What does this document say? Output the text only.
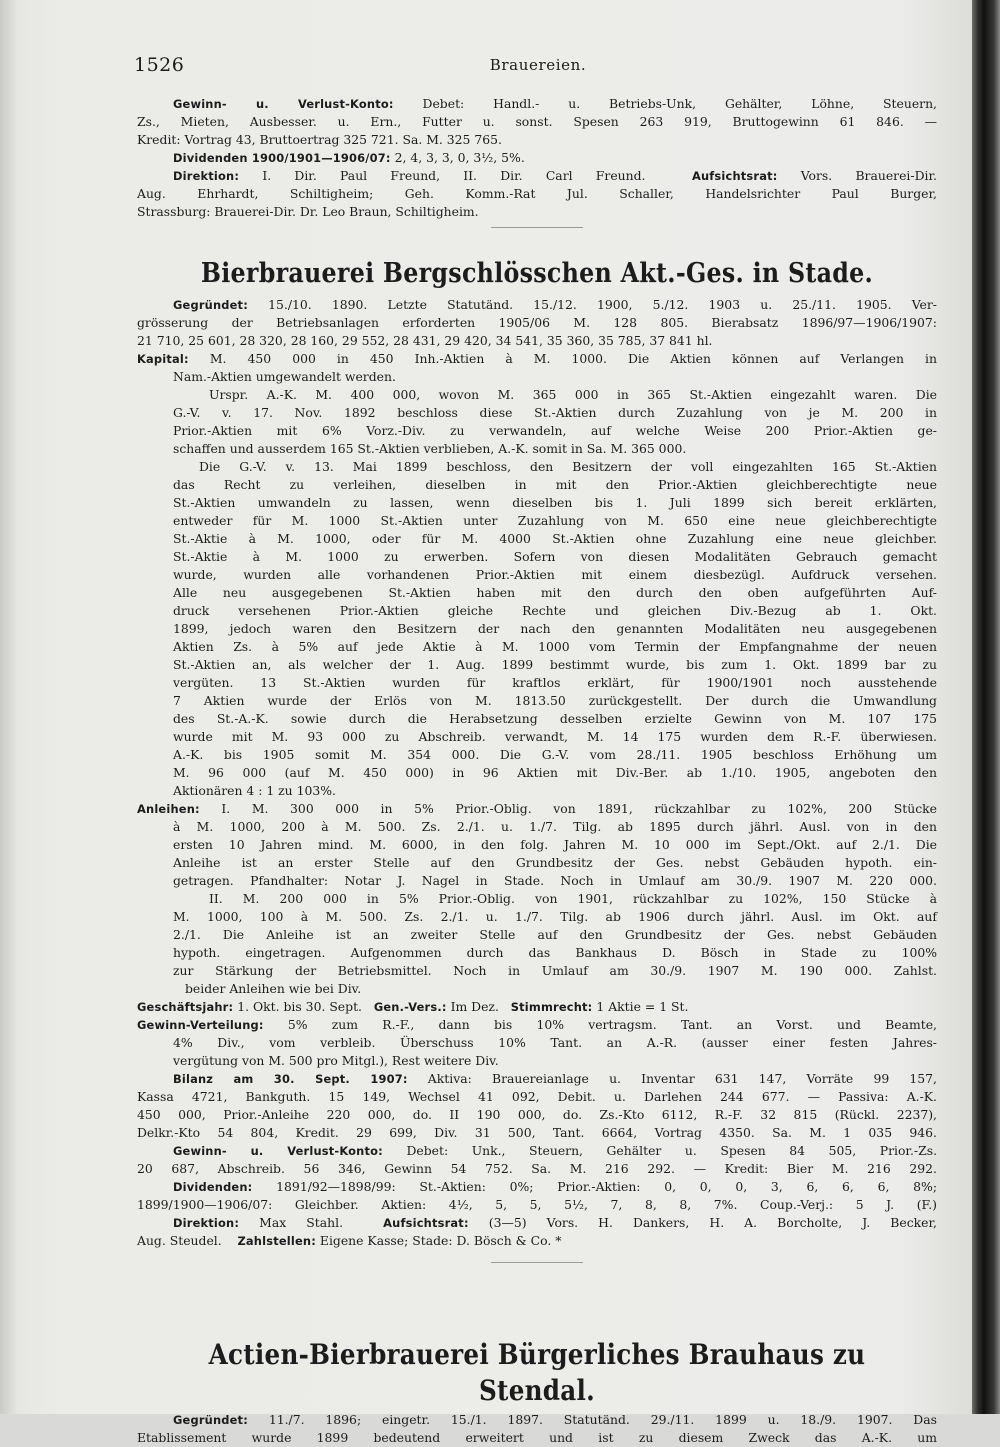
1526	Brauereien.

Gewinn- u. Verlust-Konto: Debet: Handl.- u. Betriebs-Unk, Gehälter, Löhne, Steuern,

Zs., Mieten, Ausbesser. u. Ern., Futter u. sonst. Spesen 263 919, Bruttogewinn 61 846. —

Kredit: Vortrag 43, Bruttoertrag 325 721. Sa. M. 325 765.

Dividenden 1900/1901—1906/07: 2, 4, 3, 3, 0, 3½, 5%.

Direktion: I. Dir. Paul Freund, II. Dir. Carl Freund.	Aufsichtsrat: Vors. Brauerei-Dir.

Aug. Ehrhardt, Schiltigheim; Geh. Komm.-Rat Jul. Schaller, Handelsrichter Paul Burger,

Strassburg: Brauerei-Dir. Dr. Leo Braun, Schiltigheim.

Bierbrauerei Bergschlösschen Akt.-Ges. in Stade.

Gegründet: 15./10. 1890. Letzte Statutänd. 15./12. 1900, 5./12. 1903 u. 25./11. 1905. Ver-

grösserung der Betriebsanlagen erforderten 1905/06 M. 128 805. Bierabsatz 1896/97—1906/1907:

21 710, 25 601, 28 320, 28 160, 29 552, 28 431, 29 420, 34 541, 35 360, 35 785, 37 841 hl.

Kapital: M. 450 000 in 450 Inh.-Aktien à M. 1000. Die Aktien können auf Verlangen in

Nam.-Aktien umgewandelt werden.

Urspr. A.-K. M. 400 000, wovon M. 365 000 in 365 St.-Aktien eingezahlt waren. Die

G.-V. v. 17. Nov. 1892 beschloss diese St.-Aktien durch Zuzahlung von je M. 200 in

Prior.-Aktien mit 6% Vorz.-Div. zu verwandeln, auf welche Weise 200 Prior.-Aktien ge-

schaffen und ausserdem 165 St.-Aktien verblieben, A.-K. somit in Sa. M. 365 000.

Die G.-V. v. 13. Mai 1899 beschloss, den Besitzern der voll eingezahlten 165 St.-Aktien

das Recht zu verleihen, dieselben in mit den Prior.-Aktien gleichberechtigte neue

St.-Aktien umwandeln zu lassen, wenn dieselben bis 1. Juli 1899 sich bereit erklärten,

entweder für M. 1000 St.-Aktien unter Zuzahlung von M. 650 eine neue gleichberechtigte

St.-Aktie à M. 1000, oder für M. 4000 St.-Aktien ohne Zuzahlung eine neue gleichber.

St.-Aktie à M. 1000 zu erwerben. Sofern von diesen Modalitäten Gebrauch gemacht

wurde, wurden alle vorhandenen Prior.-Aktien mit einem diesbezügl. Aufdruck versehen.

Alle neu ausgegebenen St.-Aktien haben mit den durch den oben aufgeführten Auf-

druck versehenen Prior.-Aktien gleiche Rechte und gleichen Div.-Bezug ab 1. Okt.

1899, jedoch waren den Besitzern der nach den genannten Modalitäten neu ausgegebenen

Aktien Zs. à 5% auf jede Aktie à M. 1000 vom Termin der Empfangnahme der neuen

St.-Aktien an, als welcher der 1. Aug. 1899 bestimmt wurde, bis zum 1. Okt. 1899 bar zu

vergüten. 13 St.-Aktien wurden für kraftlos erklärt, für 1900/1901 noch ausstehende

7 Aktien wurde der Erlös von M. 1813.50 zurückgestellt. Der durch die Umwandlung

des St.-A.-K. sowie durch die Herabsetzung desselben erzielte Gewinn von M. 107 175

wurde mit M. 93 000 zu Abschreib. verwandt, M. 14 175 wurden dem R.-F. überwiesen.

A.-K. bis 1905 somit M. 354 000. Die G.-V. vom 28./11. 1905 beschloss Erhöhung um

M. 96 000 (auf M. 450 000) in 96 Aktien mit Div.-Ber. ab 1./10. 1905, angeboten den

Aktionären 4 : 1 zu 103%.

Anleihen: I. M. 300 000 in 5% Prior.-Oblig. von 1891, rückzahlbar zu 102%, 200 Stücke

à M. 1000, 200 à M. 500. Zs. 2./1. u. 1./7. Tilg. ab 1895 durch jährl. Ausl. von in den

ersten 10 Jahren mind. M. 6000, in den folg. Jahren M. 10 000 im Sept./Okt. auf 2./1. Die

Anleihe ist an erster Stelle auf den Grundbesitz der Ges. nebst Gebäuden hypoth. ein-

getragen. Pfandhalter: Notar J. Nagel in Stade. Noch in Umlauf am 30./9. 1907 M. 220 000.

II. M. 200 000 in 5% Prior.-Oblig. von 1901, rückzahlbar zu 102%, 150 Stücke à

M. 1000, 100 à M. 500. Zs. 2./1. u. 1./7. Tilg. ab 1906 durch jährl. Ausl. im Okt. auf

2./1. Die Anleihe ist an zweiter Stelle auf den Grundbesitz der Ges. nebst Gebäuden

hypoth. eingetragen. Aufgenommen durch das Bankhaus D. Bösch in Stade zu 100%

zur Stärkung der Betriebsmittel. Noch in Umlauf am 30./9. 1907 M. 190 000. Zahlst.

beider Anleihen wie bei Div.

Geschäftsjahr: 1. Okt. bis 30. Sept. Gen.-Vers.: Im Dez. Stimmrecht: 1 Aktie = 1 St.

Gewinn-Verteilung: 5% zum R.-F., dann bis 10% vertragsm. Tant. an Vorst. und Beamte,

4% Div., vom verbleib. Überschuss 10% Tant. an A.-R. (ausser einer festen Jahres-

vergütung von M. 500 pro Mitgl.), Rest weitere Div.

Bilanz am 30. Sept. 1907: Aktiva: Brauereianlage u. Inventar 631 147, Vorräte 99 157,

Kassa 4721, Bankguth. 15 149, Wechsel 41 092, Debit. u. Darlehen 244 677. — Passiva: A.-K.

450 000, Prior.-Anleihe 220 000, do. II 190 000, do. Zs.-Kto 6112, R.-F. 32 815 (Rückl. 2237),

Delkr.-Kto 54 804, Kredit. 29 699, Div. 31 500, Tant. 6664, Vortrag 4350. Sa. M. 1 035 946.

Gewinn- u. Verlust-Konto: Debet: Unk., Steuern, Gehälter u. Spesen 84 505, Prior.-Zs.

20 687, Abschreib. 56 346, Gewinn 54 752. Sa. M. 216 292. — Kredit: Bier M. 216 292.

Dividenden: 1891/92—1898/99: St.-Aktien: 0%; Prior.-Aktien: 0, 0, 0, 3, 6, 6, 6, 8%;

1899/1900—1906/07: Gleichber. Aktien: 4½, 5, 5, 5½, 7, 8, 8, 7%. Coup.-Verj.: 5 J. (F.)

Direktion: Max Stahl.	Aufsichtsrat: (3—5) Vors. H. Dankers, H. A. Borcholte, J. Becker,

Aug. Steudel. Zahlstellen: Eigene Kasse; Stade: D. Bösch & Co. *

Actien-Bierbrauerei Bürgerliches Brauhaus zu Stendal.

Gegründet: 11./7. 1896; eingetr. 15./1. 1897. Statutänd. 29./11. 1899 u. 18./9. 1907. Das

Etablissement wurde 1899 bedeutend erweitert und ist zu diesem Zweck das A.-K. um
